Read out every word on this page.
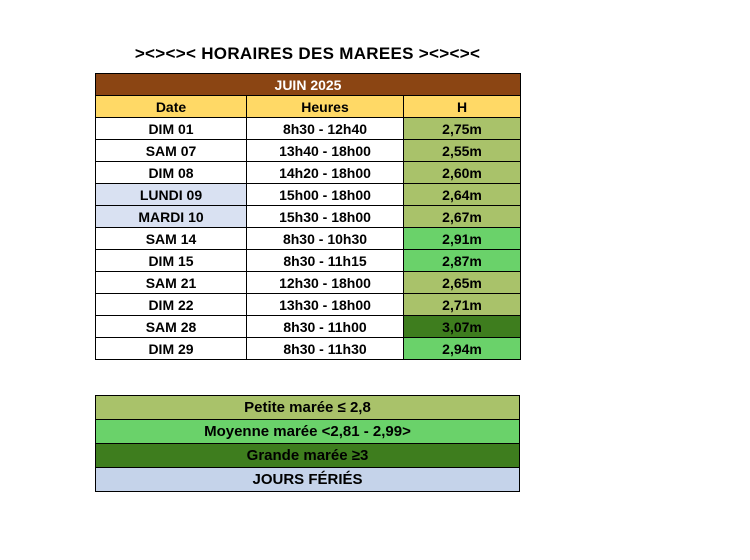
><><>< HORAIRES DES MAREES ><><><
JUIN 2025		
Date	Heures	H
DIM 01	8h30 - 12h40	2,75m
SAM 07	13h40 - 18h00	2,55m
DIM 08	14h20 - 18h00	2,60m
LUNDI 09	15h00 - 18h00	2,64m
MARDI 10	15h30 - 18h00	2,67m
SAM 14	8h30 - 10h30	2,91m
DIM 15	8h30 - 11h15	2,87m
SAM 21	12h30 - 18h00	2,65m
DIM 22	13h30 - 18h00	2,71m
SAM 28	8h30 - 11h00	3,07m
DIM 29	8h30 - 11h30	2,94m
Petite marée ≤ 2,8
Moyenne marée <2,81 - 2,99>
Grande marée ≥3
JOURS FÉRIÉS
